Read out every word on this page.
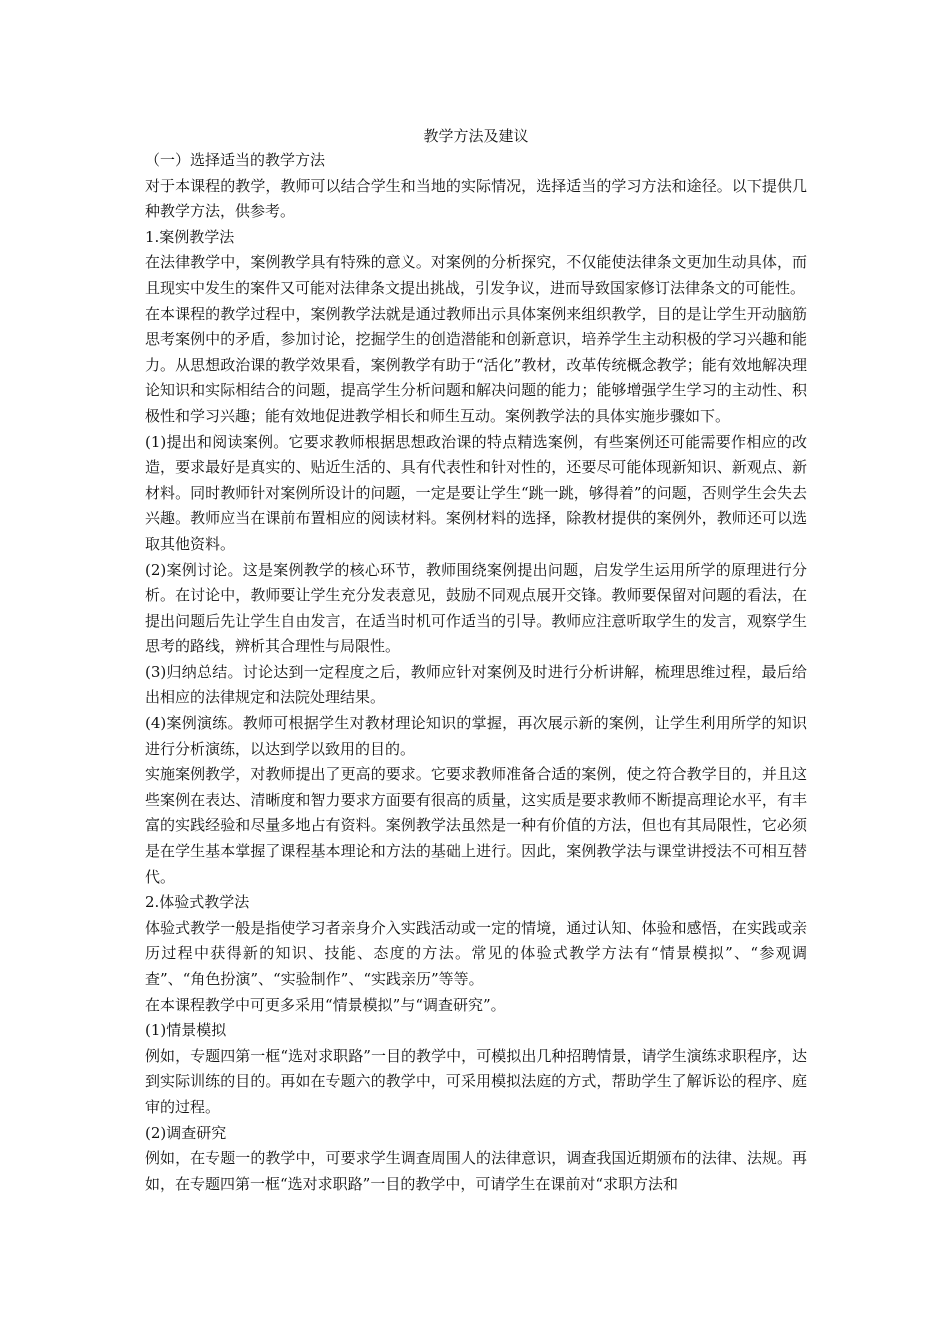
教学方法及建议

（一）选择适当的教学方法

对于本课程的教学，教师可以结合学生和当地的实际情况，选择适当的学习方法和途径。以下提供几种教学方法，供参考。

1.案例教学法

在法律教学中，案例教学具有特殊的意义。对案例的分析探究，不仅能使法律条文更加生动具体，而且现实中发生的案件又可能对法律条文提出挑战，引发争议，进而导致国家修订法律条文的可能性。

在本课程的教学过程中，案例教学法就是通过教师出示具体案例来组织教学，目的是让学生开动脑筋思考案例中的矛盾，参加讨论，挖掘学生的创造潜能和创新意识，培养学生主动积极的学习兴趣和能力。从思想政治课的教学效果看，案例教学有助于“活化”教材，改革传统概念教学；能有效地解决理论知识和实际相结合的问题，提高学生分析问题和解决问题的能力；能够增强学生学习的主动性、积极性和学习兴趣；能有效地促进教学相长和师生互动。案例教学法的具体实施步骤如下。

(1)提出和阅读案例。它要求教师根据思想政治课的特点精选案例，有些案例还可能需要作相应的改造，要求最好是真实的、贴近生活的、具有代表性和针对性的，还要尽可能体现新知识、新观点、新材料。同时教师针对案例所设计的问题，一定是要让学生“跳一跳，够得着”的问题，否则学生会失去兴趣。教师应当在课前布置相应的阅读材料。案例材料的选择，除教材提供的案例外，教师还可以选取其他资料。

(2)案例讨论。这是案例教学的核心环节，教师围绕案例提出问题，启发学生运用所学的原理进行分析。在讨论中，教师要让学生充分发表意见，鼓励不同观点展开交锋。教师要保留对问题的看法，在提出问题后先让学生自由发言，在适当时机可作适当的引导。教师应注意听取学生的发言，观察学生思考的路线，辨析其合理性与局限性。

(3)归纳总结。讨论达到一定程度之后，教师应针对案例及时进行分析讲解，梳理思维过程，最后给出相应的法律规定和法院处理结果。

(4)案例演练。教师可根据学生对教材理论知识的掌握，再次展示新的案例，让学生利用所学的知识进行分析演练，以达到学以致用的目的。

实施案例教学，对教师提出了更高的要求。它要求教师准备合适的案例，使之符合教学目的，并且这些案例在表达、清晰度和智力要求方面要有很高的质量，这实质是要求教师不断提高理论水平，有丰富的实践经验和尽量多地占有资料。案例教学法虽然是一种有价值的方法，但也有其局限性，它必须是在学生基本掌握了课程基本理论和方法的基础上进行。因此，案例教学法与课堂讲授法不可相互替代。

2.体验式教学法

体验式教学一般是指使学习者亲身介入实践活动或一定的情境，通过认知、体验和感悟，在实践或亲历过程中获得新的知识、技能、态度的方法。常见的体验式教学方法有“情景模拟”、“参观调查”、“角色扮演”、“实验制作”、“实践亲历”等等。

在本课程教学中可更多采用“情景模拟”与“调查研究”。

(1)情景模拟

例如，专题四第一框“选对求职路”一目的教学中，可模拟出几种招聘情景，请学生演练求职程序，达到实际训练的目的。再如在专题六的教学中，可采用模拟法庭的方式，帮助学生了解诉讼的程序、庭审的过程。

(2)调查研究

例如，在专题一的教学中，可要求学生调查周围人的法律意识，调查我国近期颁布的法律、法规。再如，在专题四第一框“选对求职路”一目的教学中，可请学生在课前对“求职方法和
